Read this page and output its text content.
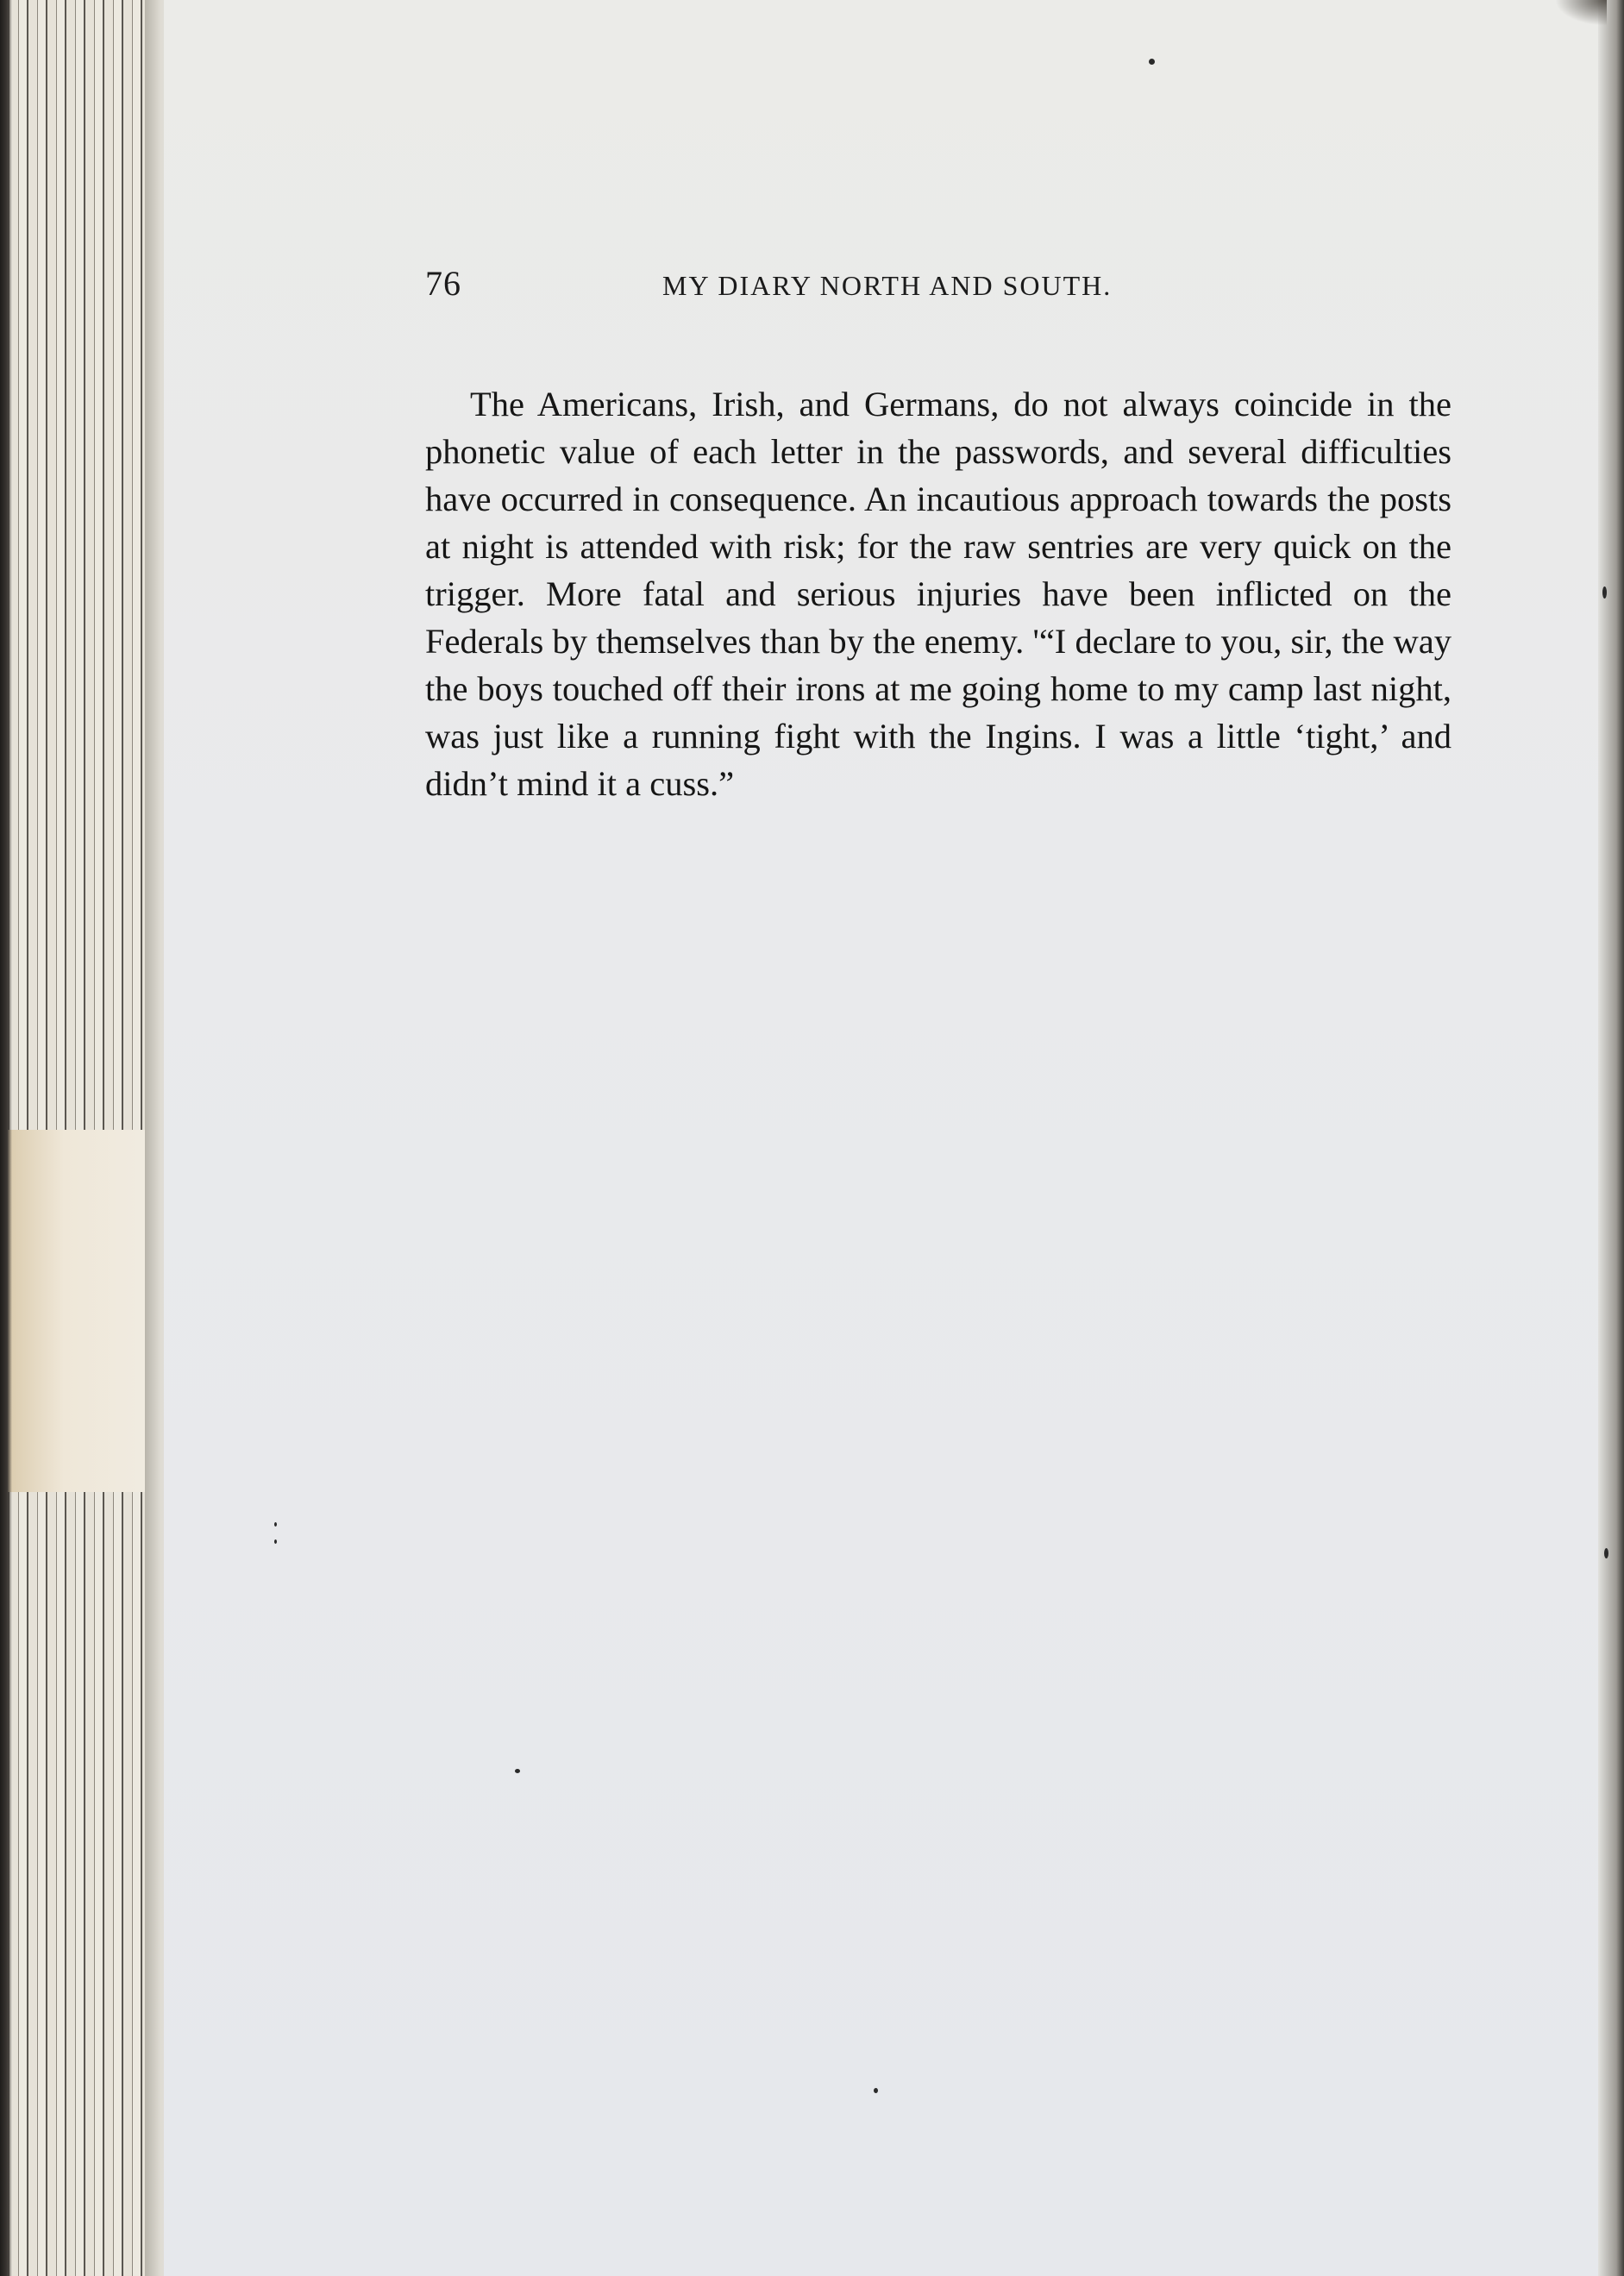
76	MY DIARY NORTH AND SOUTH.

The Americans, Irish, and Germans, do not always coincide in the phonetic value of each letter in the passwords, and several difficulties have occurred in consequence. An incautious approach towards the posts at night is attended with risk; for the raw sentries are very quick on the trigger. More fatal and serious injuries have been inflicted on the Federals by themselves than by the enemy. '“I declare to you, sir, the way the boys touched off their irons at me going home to my camp last night, was just like a running fight with the Ingins. I was a little ‘tight,’ and didn’t mind it a cuss.”
